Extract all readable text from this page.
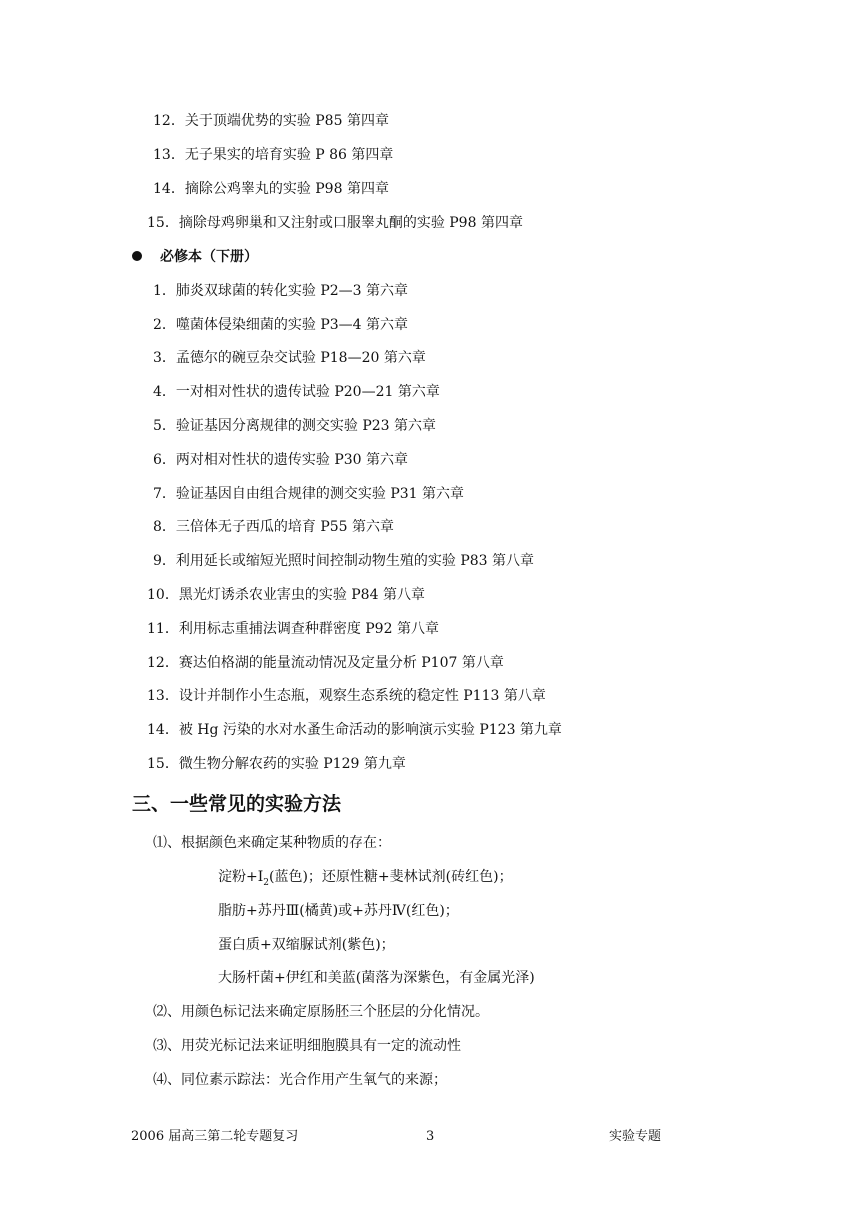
12．关于顶端优势的实验 P85 第四章
13．无子果实的培育实验 P 86 第四章
14．摘除公鸡睾丸的实验 P98 第四章
15．摘除母鸡卵巢和又注射或口服睾丸酮的实验 P98 第四章
必修本（下册）
1．肺炎双球菌的转化实验 P2—3 第六章
2．噬菌体侵染细菌的实验 P3—4 第六章
3．孟德尔的碗豆杂交试验 P18—20 第六章
4．一对相对性状的遗传试验 P20—21 第六章
5．验证基因分离规律的测交实验 P23 第六章
6．两对相对性状的遗传实验 P30 第六章
7．验证基因自由组合规律的测交实验 P31 第六章
8．三倍体无子西瓜的培育 P55 第六章
9．利用延长或缩短光照时间控制动物生殖的实验 P83 第八章
10．黑光灯诱杀农业害虫的实验 P84 第八章
11．利用标志重捕法调查种群密度 P92 第八章
12．赛达伯格湖的能量流动情况及定量分析 P107 第八章
13．设计并制作小生态瓶，观察生态系统的稳定性 P113 第八章
14．被 Hg 污染的水对水蚤生命活动的影响演示实验 P123 第九章
15．微生物分解农药的实验 P129 第九章
三、一些常见的实验方法
⑴、根据颜色来确定某种物质的存在：
淀粉$+I_2$(蓝色)；还原性糖+斐林试剂(砖红色)；
脂肪+苏丹Ⅲ(橘黄)或+苏丹Ⅳ(红色)；
蛋白质+双缩脲试剂(紫色)；
大肠杆菌+伊红和美蓝(菌落为深紫色，有金属光泽)
⑵、用颜色标记法来确定原肠胚三个胚层的分化情况。
⑶、用荧光标记法来证明细胞膜具有一定的流动性
⑷、同位素示踪法：光合作用产生氧气的来源；
2006 届高三第二轮专题复习	3	实验专题
